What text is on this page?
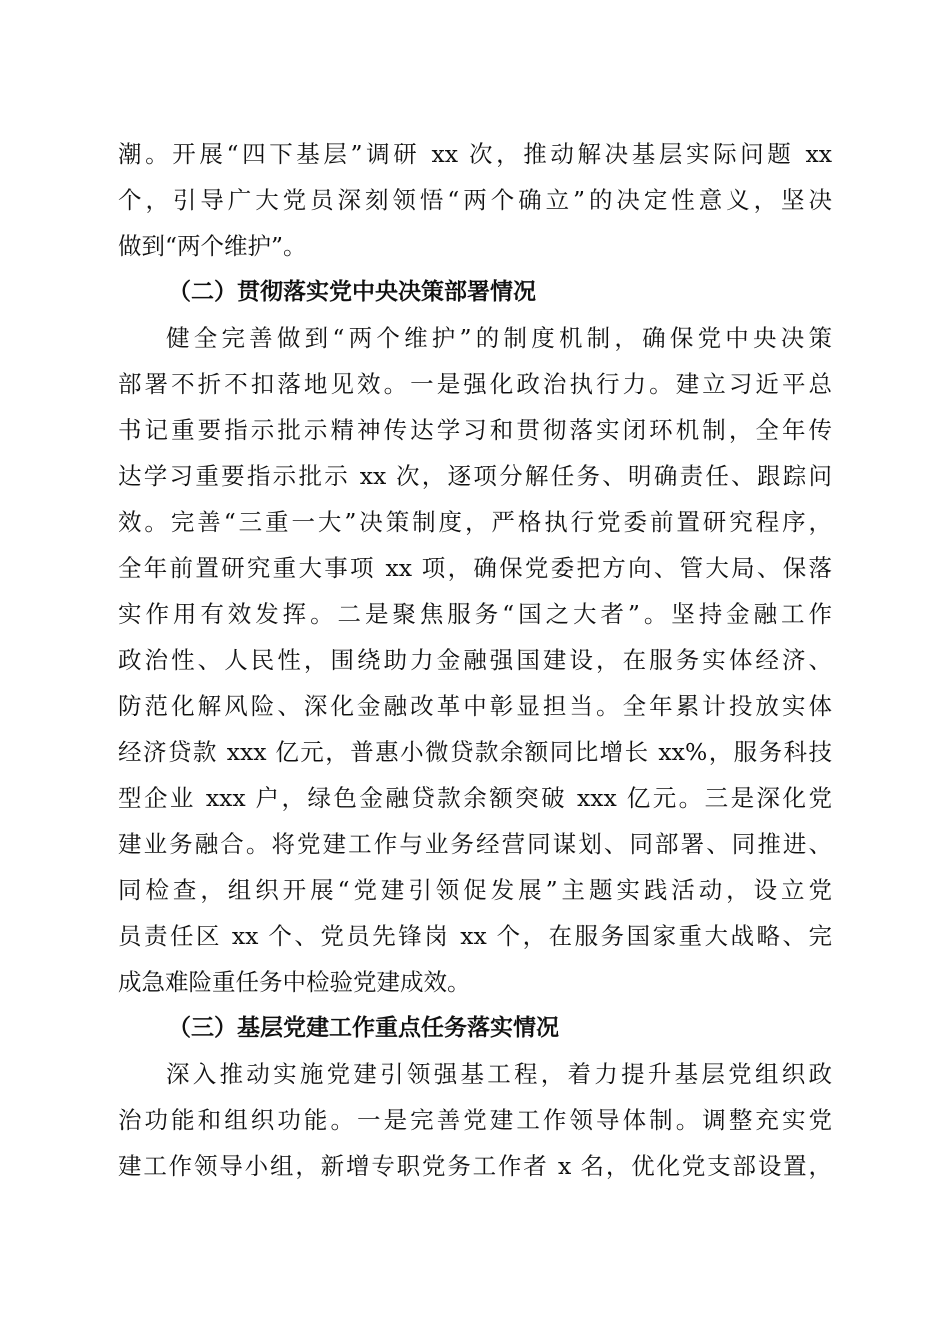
潮。开展“四下基层”调研 xx 次，推动解决基层实际问题 xx
个，引导广大党员深刻领悟“两个确立”的决定性意义，坚决
做到“两个维护”。
（二）贯彻落实党中央决策部署情况
健全完善做到“两个维护”的制度机制，确保党中央决策
部署不折不扣落地见效。一是强化政治执行力。建立习近平总
书记重要指示批示精神传达学习和贯彻落实闭环机制，全年传
达学习重要指示批示 xx 次，逐项分解任务、明确责任、跟踪问
效。完善“三重一大”决策制度，严格执行党委前置研究程序，
全年前置研究重大事项 xx 项，确保党委把方向、管大局、保落
实作用有效发挥。二是聚焦服务“国之大者”。坚持金融工作
政治性、人民性，围绕助力金融强国建设，在服务实体经济、
防范化解风险、深化金融改革中彰显担当。全年累计投放实体
经济贷款 xxx 亿元，普惠小微贷款余额同比增长 xx%，服务科技
型企业 xxx 户，绿色金融贷款余额突破 xxx 亿元。三是深化党
建业务融合。将党建工作与业务经营同谋划、同部署、同推进、
同检查，组织开展“党建引领促发展”主题实践活动，设立党
员责任区 xx 个、党员先锋岗 xx 个，在服务国家重大战略、完
成急难险重任务中检验党建成效。
（三）基层党建工作重点任务落实情况
深入推动实施党建引领强基工程，着力提升基层党组织政
治功能和组织功能。一是完善党建工作领导体制。调整充实党
建工作领导小组，新增专职党务工作者 x 名，优化党支部设置，
